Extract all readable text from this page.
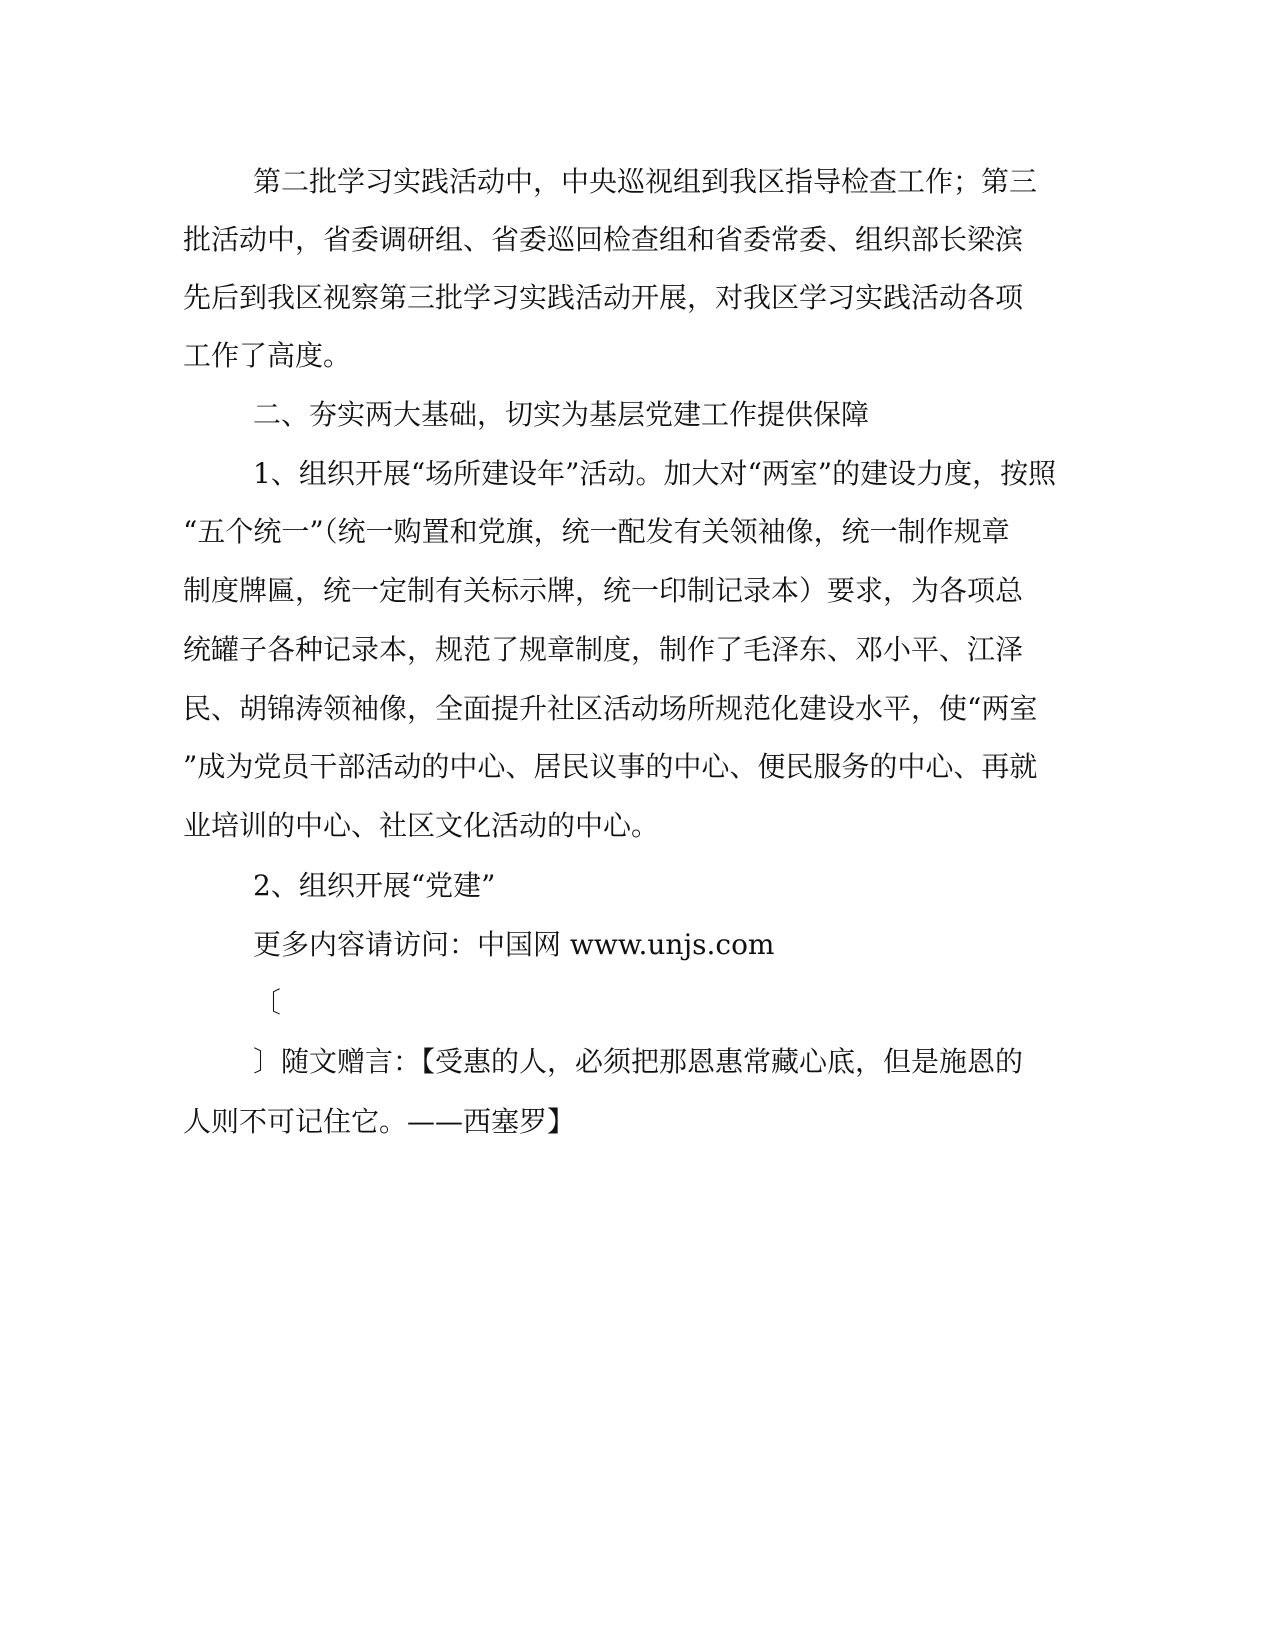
第二批学习实践活动中，中央巡视组到我区指导检查工作；第三
批活动中，省委调研组、省委巡回检查组和省委常委、组织部长梁滨
先后到我区视察第三批学习实践活动开展，对我区学习实践活动各项
工作了高度。
二、夯实两大基础，切实为基层党建工作提供保障
1、组织开展“场所建设年”活动。加大对“两室”的建设力度，按照
“五个统一”（统一购置和党旗，统一配发有关领袖像，统一制作规章
制度牌匾，统一定制有关标示牌，统一印制记录本）要求，为各项总
统罐子各种记录本，规范了规章制度，制作了毛泽东、邓小平、江泽
民、胡锦涛领袖像，全面提升社区活动场所规范化建设水平，使“两室
”成为党员干部活动的中心、居民议事的中心、便民服务的中心、再就
业培训的中心、社区文化活动的中心。
2、组织开展“党建”
更多内容请访问：中国网 www.unjs.com
〔
〕随文赠言：【受惠的人，必须把那恩惠常藏心底，但是施恩的
人则不可记住它。——西塞罗】
